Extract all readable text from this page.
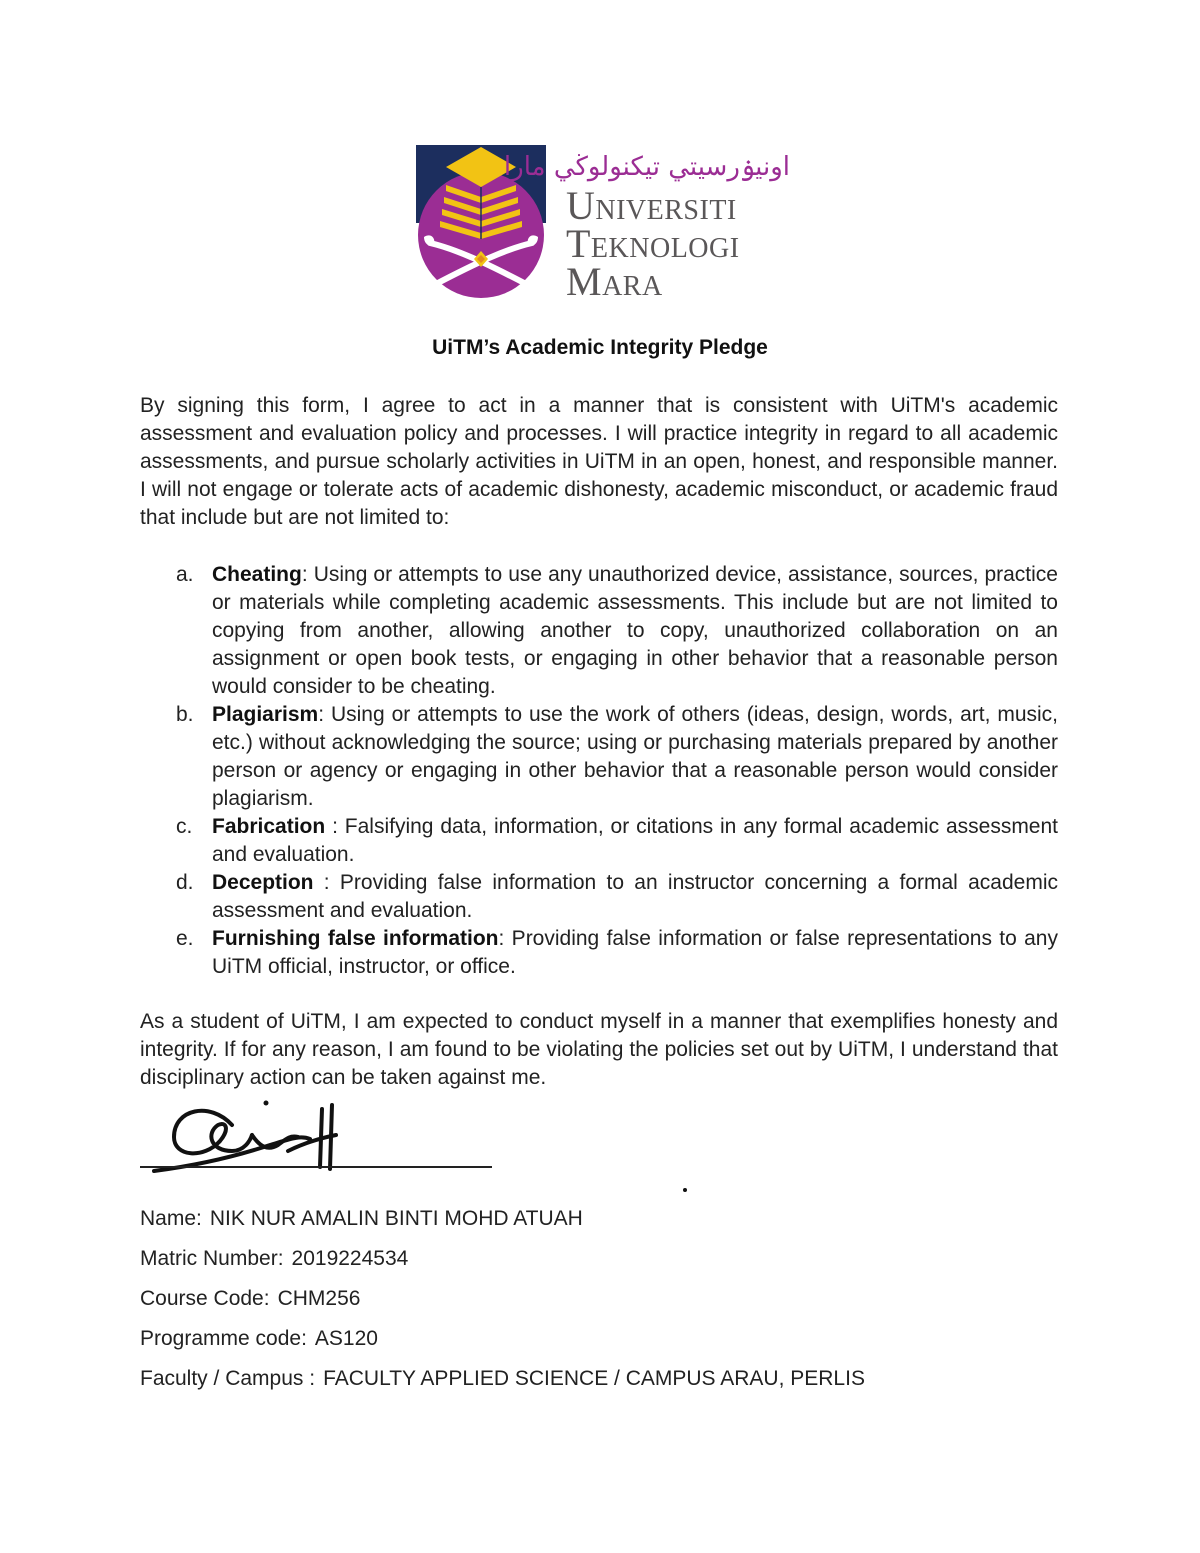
اونيۏرسيتي تيكنولوڬي مارا
Universiti
Teknologi
Mara
UiTM’s Academic Integrity Pledge
By signing this form, I agree to act in a manner that is consistent with UiTM's academic assessment and evaluation policy and processes. I will practice integrity in regard to all academic assessments, and pursue scholarly activities in UiTM in an open, honest, and responsible manner. I will not engage or tolerate acts of academic dishonesty, academic misconduct, or academic fraud that include but are not limited to:
a. Cheating: Using or attempts to use any unauthorized device, assistance, sources, practice or materials while completing academic assessments. This include but are not limited to copying from another, allowing another to copy, unauthorized collaboration on an assignment or open book tests, or engaging in other behavior that a reasonable person would consider to be cheating.
b. Plagiarism: Using or attempts to use the work of others (ideas, design, words, art, music, etc.) without acknowledging the source; using or purchasing materials prepared by another person or agency or engaging in other behavior that a reasonable person would consider plagiarism.
c. Fabrication : Falsifying data, information, or citations in any formal academic assessment and evaluation.
d. Deception : Providing false information to an instructor concerning a formal academic assessment and evaluation.
e. Furnishing false information: Providing false information or false representations to any UiTM official, instructor, or office.
As a student of UiTM, I am expected to conduct myself in a manner that exemplifies honesty and integrity. If for any reason, I am found to be violating the policies set out by UiTM, I understand that disciplinary action can be taken against me.
Name: NIK NUR AMALIN BINTI MOHD ATUAH
Matric Number: 2019224534
Course Code: CHM256
Programme code: AS120
Faculty / Campus : FACULTY APPLIED SCIENCE / CAMPUS ARAU, PERLIS
